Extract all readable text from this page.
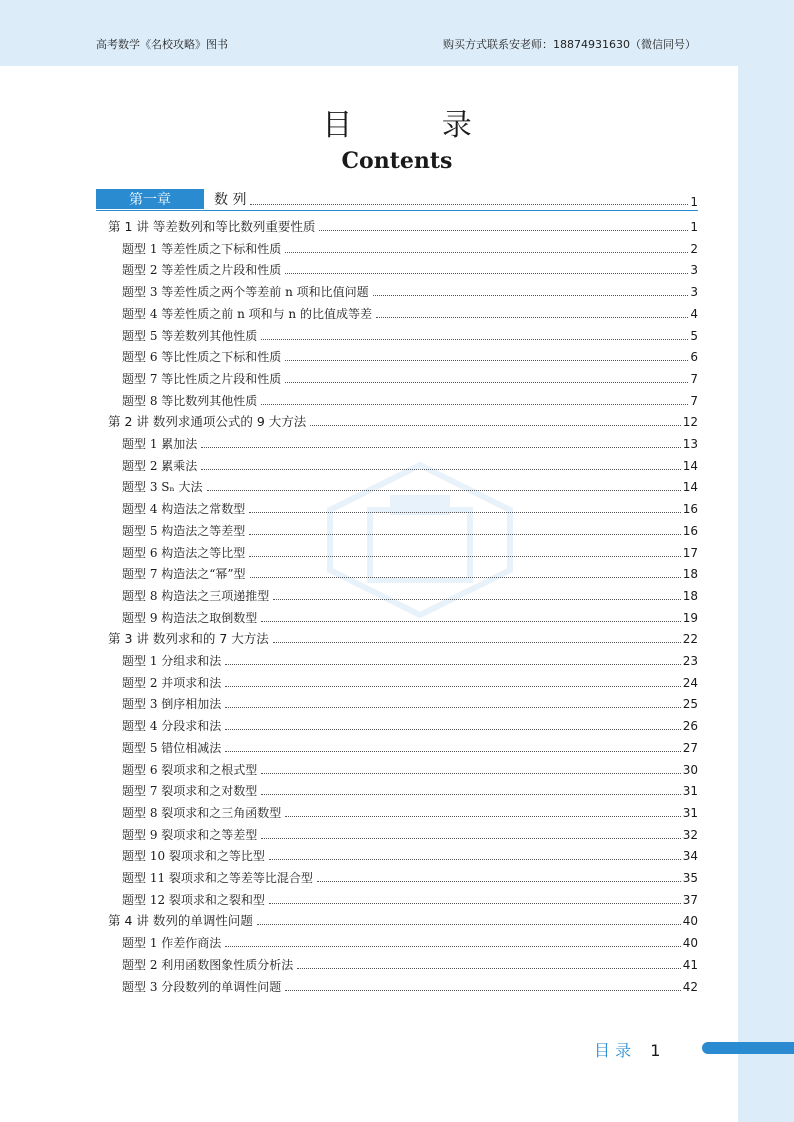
高考数学《名校攻略》图书	购买方式联系安老师：18874931630（微信同号）
目 录
Contents
第一章	数 列	1
第 1 讲 等差数列和等比数列重要性质	1
题型 1 等差性质之下标和性质	2
题型 2 等差性质之片段和性质	3
题型 3 等差性质之两个等差前 n 项和比值问题	3
题型 4 等差性质之前 n 项和与 n 的比值成等差	4
题型 5 等差数列其他性质	5
题型 6 等比性质之下标和性质	6
题型 7 等比性质之片段和性质	7
题型 8 等比数列其他性质	7
第 2 讲 数列求通项公式的 9 大方法	12
题型 1 累加法	13
题型 2 累乘法	14
题型 3 Sₙ 大法	14
题型 4 构造法之常数型	16
题型 5 构造法之等差型	16
题型 6 构造法之等比型	17
题型 7 构造法之“幂”型	18
题型 8 构造法之三项递推型	18
题型 9 构造法之取倒数型	19
第 3 讲 数列求和的 7 大方法	22
题型 1 分组求和法	23
题型 2 并项求和法	24
题型 3 倒序相加法	25
题型 4 分段求和法	26
题型 5 错位相减法	27
题型 6 裂项求和之根式型	30
题型 7 裂项求和之对数型	31
题型 8 裂项求和之三角函数型	31
题型 9 裂项求和之等差型	32
题型 10 裂项求和之等比型	34
题型 11 裂项求和之等差等比混合型	35
题型 12 裂项求和之裂和型	37
第 4 讲 数列的单调性问题	40
题型 1 作差作商法	40
题型 2 利用函数图象性质分析法	41
题型 3 分段数列的单调性问题	42
目 录 1
